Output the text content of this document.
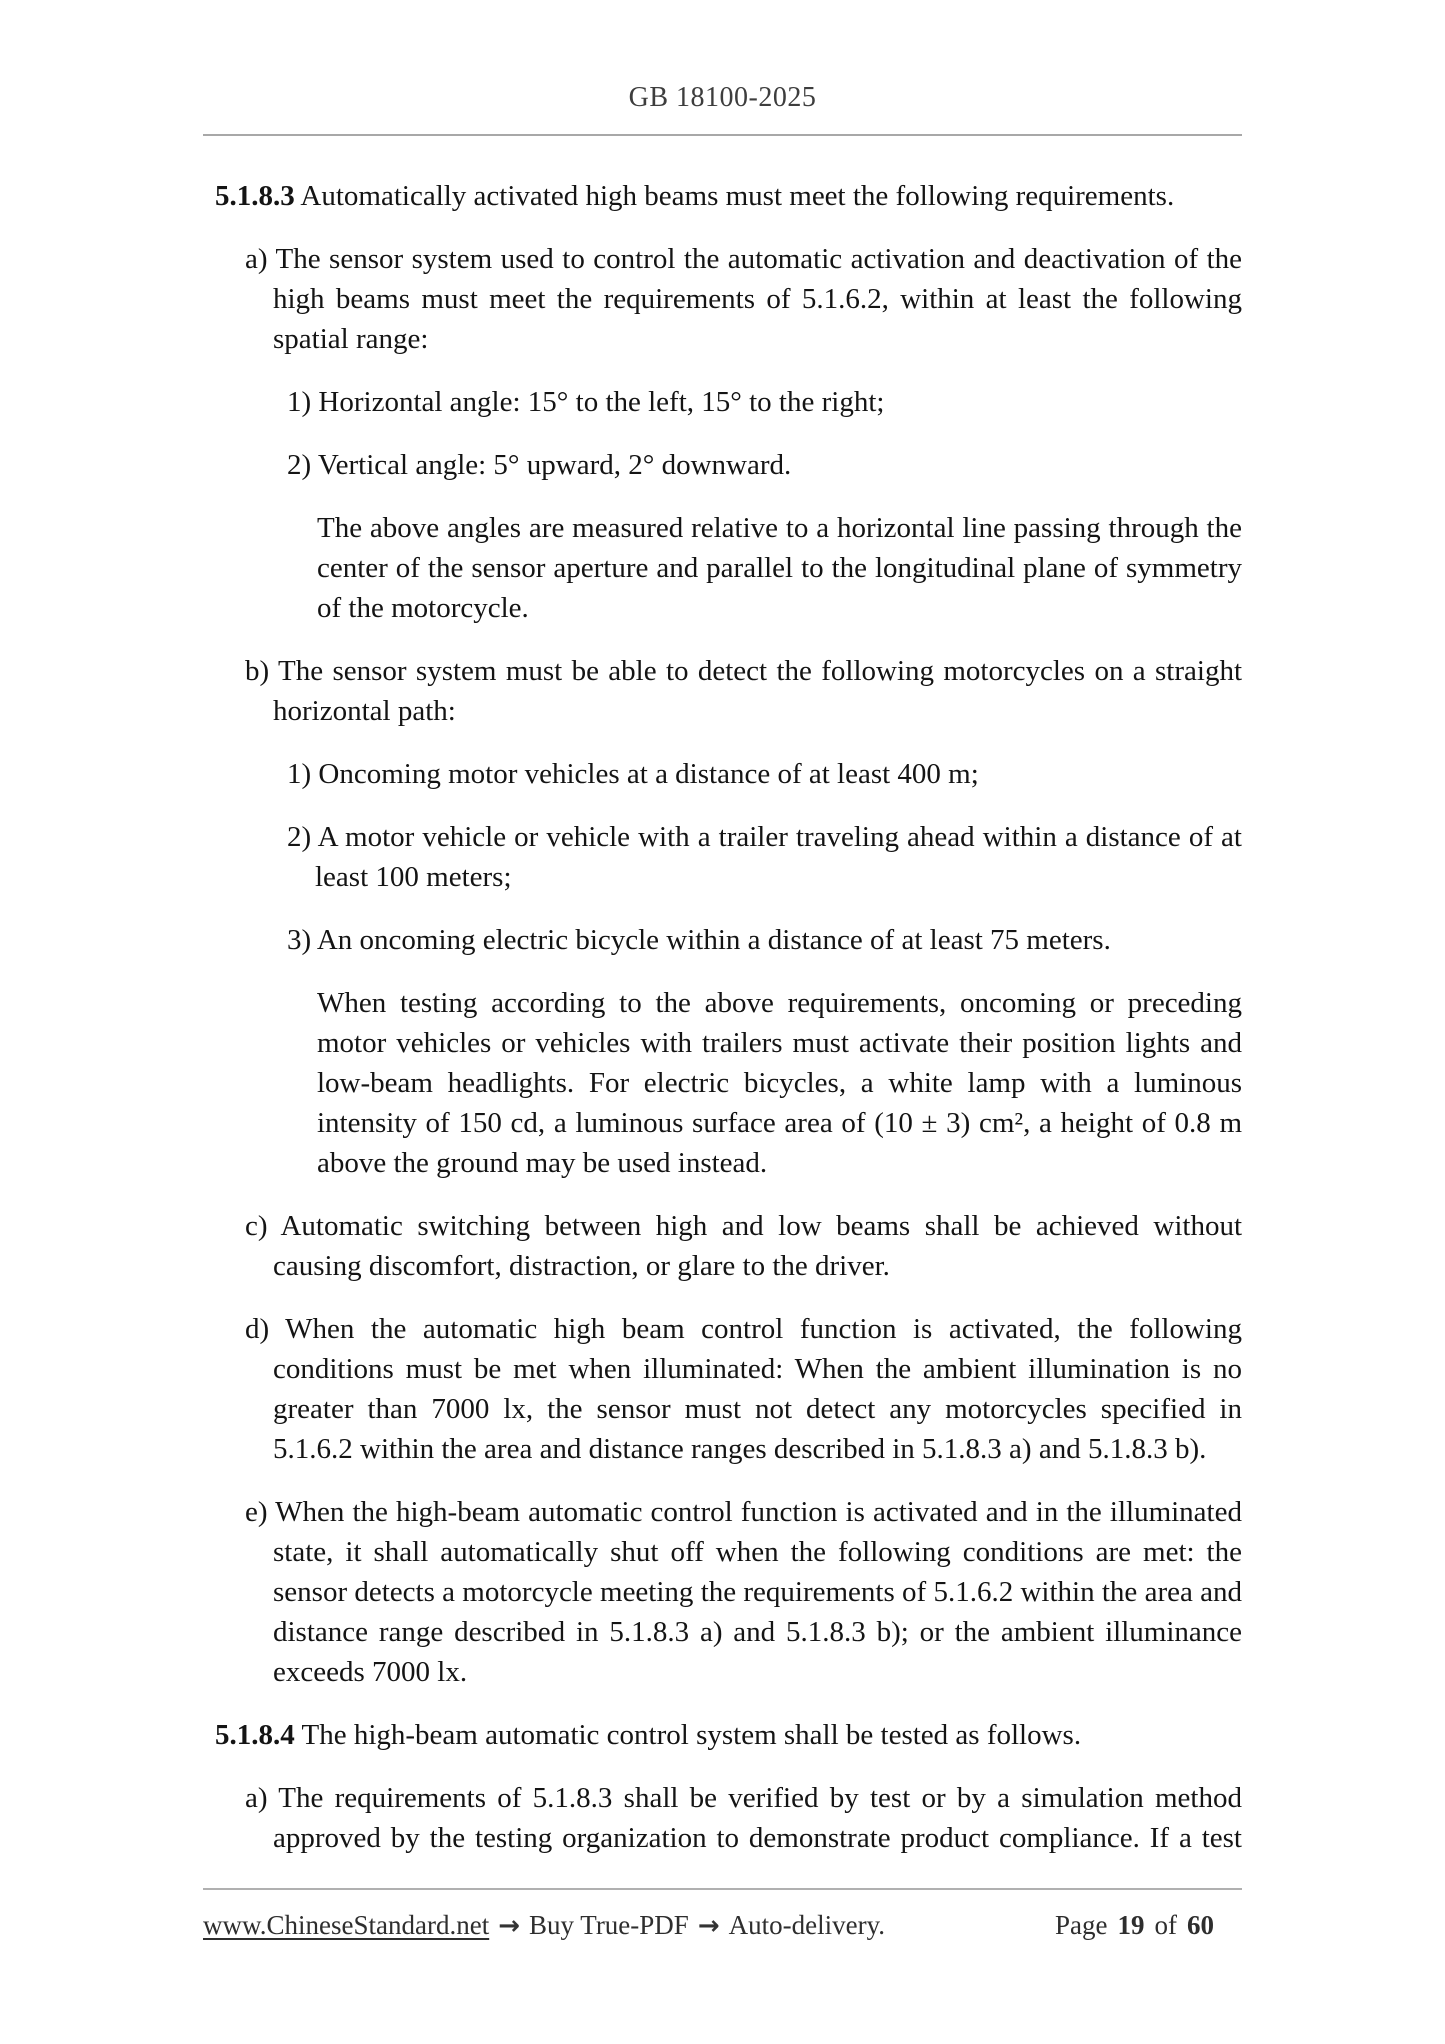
GB 18100-2025

5.1.8.3 Automatically activated high beams must meet the following requirements.

a) The sensor system used to control the automatic activation and deactivation of the high beams must meet the requirements of 5.1.6.2, within at least the following spatial range:

1) Horizontal angle: 15° to the left, 15° to the right;

2) Vertical angle: 5° upward, 2° downward.

The above angles are measured relative to a horizontal line passing through the center of the sensor aperture and parallel to the longitudinal plane of symmetry of the motorcycle.

b) The sensor system must be able to detect the following motorcycles on a straight horizontal path:

1) Oncoming motor vehicles at a distance of at least 400 m;

2) A motor vehicle or vehicle with a trailer traveling ahead within a distance of at least 100 meters;

3) An oncoming electric bicycle within a distance of at least 75 meters.

When testing according to the above requirements, oncoming or preceding motor vehicles or vehicles with trailers must activate their position lights and low-beam headlights. For electric bicycles, a white lamp with a luminous intensity of 150 cd, a luminous surface area of (10 ± 3) cm², a height of 0.8 m above the ground may be used instead.

c) Automatic switching between high and low beams shall be achieved without causing discomfort, distraction, or glare to the driver.

d) When the automatic high beam control function is activated, the following conditions must be met when illuminated: When the ambient illumination is no greater than 7000 lx, the sensor must not detect any motorcycles specified in 5.1.6.2 within the area and distance ranges described in 5.1.8.3 a) and 5.1.8.3 b).

e) When the high-beam automatic control function is activated and in the illuminated state, it shall automatically shut off when the following conditions are met: the sensor detects a motorcycle meeting the requirements of 5.1.6.2 within the area and distance range described in 5.1.8.3 a) and 5.1.8.3 b); or the ambient illuminance exceeds 7000 lx.

5.1.8.4 The high-beam automatic control system shall be tested as follows.

a) The requirements of 5.1.8.3 shall be verified by test or by a simulation method approved by the testing organization to demonstrate product compliance. If a test

www.ChineseStandard.net → Buy True-PDF → Auto-delivery.	Page 19 of 60
